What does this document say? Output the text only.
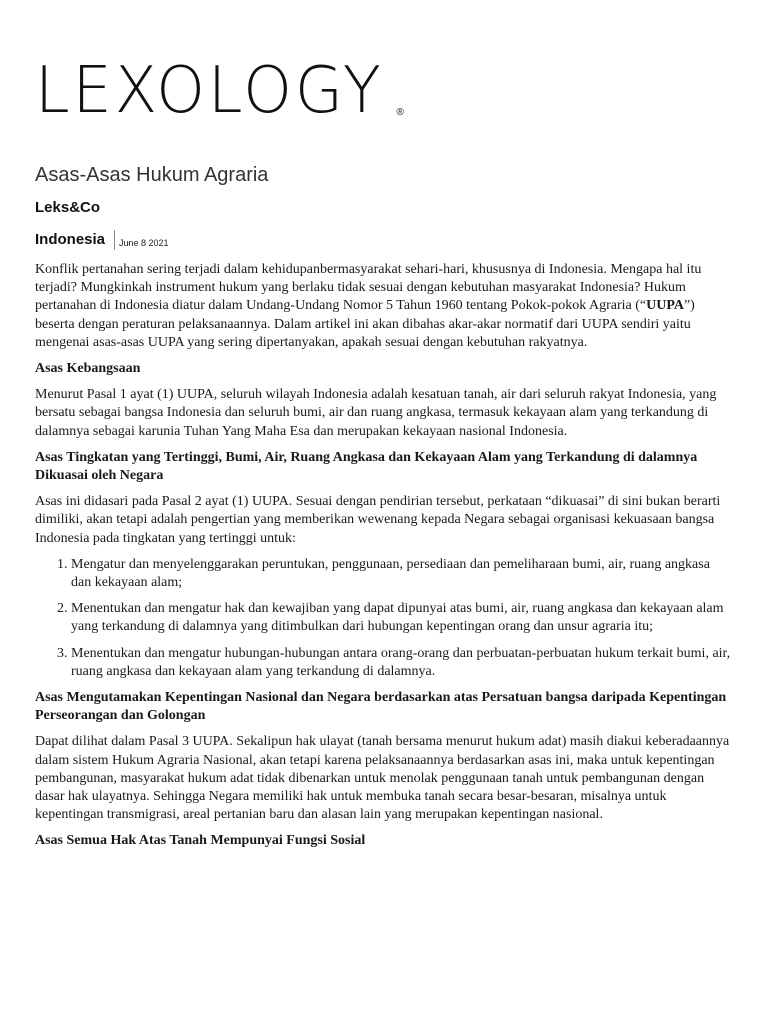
LEXOLOGY ®
Asas-Asas Hukum Agraria
Leks&Co
Indonesia June 8 2021

Konflik pertanahan sering terjadi dalam kehidupanbermasyarakat sehari-hari, khususnya di Indonesia. Mengapa hal itu terjadi? Mungkinkah instrument hukum yang berlaku tidak sesuai dengan kebutuhan masyarakat Indonesia? Hukum pertanahan di Indonesia diatur dalam Undang-Undang Nomor 5 Tahun 1960 tentang Pokok-pokok Agraria (“UUPA”) beserta dengan peraturan pelaksanaannya. Dalam artikel ini akan dibahas akar-akar normatif dari UUPA sendiri yaitu mengenai asas-asas UUPA yang sering dipertanyakan, apakah sesuai dengan kebutuhan rakyatnya.

Asas Kebangsaan

Menurut Pasal 1 ayat (1) UUPA, seluruh wilayah Indonesia adalah kesatuan tanah, air dari seluruh rakyat Indonesia, yang bersatu sebagai bangsa Indonesia dan seluruh bumi, air dan ruang angkasa, termasuk kekayaan alam yang terkandung di dalamnya sebagai karunia Tuhan Yang Maha Esa dan merupakan kekayaan nasional Indonesia.

Asas Tingkatan yang Tertinggi, Bumi, Air, Ruang Angkasa dan Kekayaan Alam yang Terkandung di dalamnya Dikuasai oleh Negara

Asas ini didasari pada Pasal 2 ayat (1) UUPA. Sesuai dengan pendirian tersebut, perkataan “dikuasai” di sini bukan berarti dimiliki, akan tetapi adalah pengertian yang memberikan wewenang kepada Negara sebagai organisasi kekuasaan bangsa Indonesia pada tingkatan yang tertinggi untuk:

1. Mengatur dan menyelenggarakan peruntukan, penggunaan, persediaan dan pemeliharaan bumi, air, ruang angkasa dan kekayaan alam;
2. Menentukan dan mengatur hak dan kewajiban yang dapat dipunyai atas bumi, air, ruang angkasa dan kekayaan alam yang terkandung di dalamnya yang ditimbulkan dari hubungan kepentingan orang dan unsur agraria itu;
3. Menentukan dan mengatur hubungan-hubungan antara orang-orang dan perbuatan-perbuatan hukum terkait bumi, air, ruang angkasa dan kekayaan alam yang terkandung di dalamnya.
Asas Mengutamakan Kepentingan Nasional dan Negara berdasarkan atas Persatuan bangsa daripada Kepentingan Perseorangan dan Golongan

Dapat dilihat dalam Pasal 3 UUPA. Sekalipun hak ulayat (tanah bersama menurut hukum adat) masih diakui keberadaannya dalam sistem Hukum Agraria Nasional, akan tetapi karena pelaksanaannya berdasarkan asas ini, maka untuk kepentingan pembangunan, masyarakat hukum adat tidak dibenarkan untuk menolak penggunaan tanah untuk pembangunan dengan dasar hak ulayatnya. Sehingga Negara memiliki hak untuk membuka tanah secara besar-besaran, misalnya untuk kepentingan transmigrasi, areal pertanian baru dan alasan lain yang merupakan kepentingan nasional.

Asas Semua Hak Atas Tanah Mempunyai Fungsi Sosial
